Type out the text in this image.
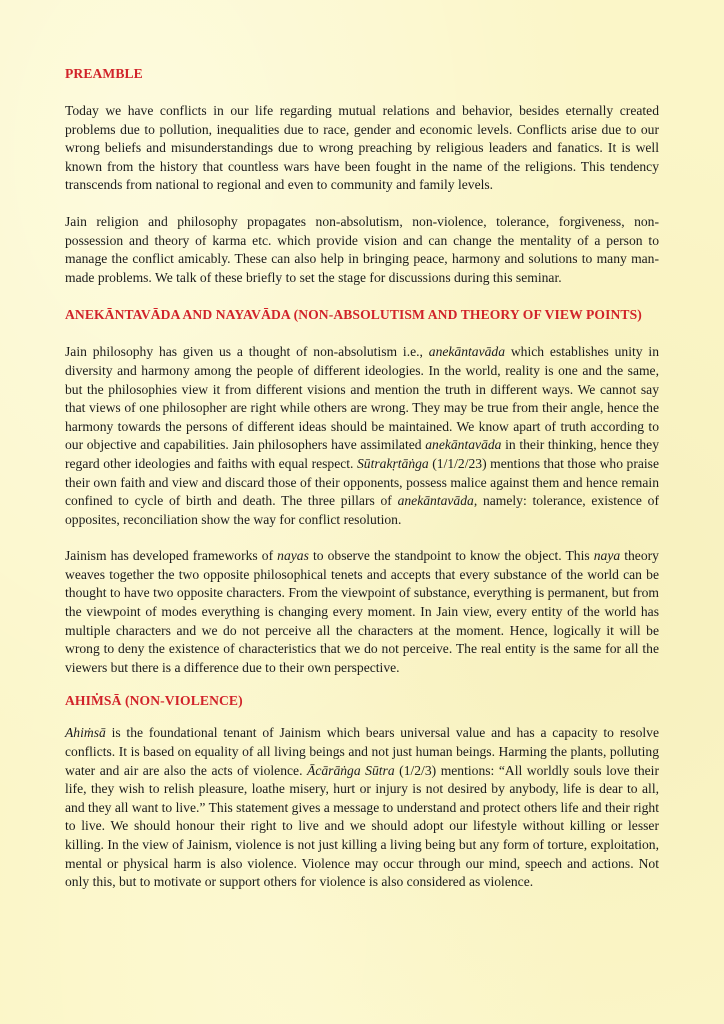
PREAMBLE

Today we have conflicts in our life regarding mutual relations and behavior, besides eternally created problems due to pollution, inequalities due to race, gender and economic levels. Conflicts arise due to our wrong beliefs and misunderstandings due to wrong preaching by religious leaders and fanatics. It is well known from the history that countless wars have been fought in the name of the religions. This tendency transcends from national to regional and even to community and family levels.

Jain religion and philosophy propagates non-absolutism, non-violence, tolerance, forgiveness, non-possession and theory of karma etc. which provide vision and can change the mentality of a person to manage the conflict amicably. These can also help in bringing peace, harmony and solutions to many man-made problems. We talk of these briefly to set the stage for discussions during this seminar.

ANEKĀNTAVĀDA AND NAYAVĀDA (NON-ABSOLUTISM AND THEORY OF VIEW POINTS)

Jain philosophy has given us a thought of non-absolutism i.e., anekāntavāda which establishes unity in diversity and harmony among the people of different ideologies. In the world, reality is one and the same, but the philosophies view it from different visions and mention the truth in different ways. We cannot say that views of one philosopher are right while others are wrong. They may be true from their angle, hence the harmony towards the persons of different ideas should be maintained. We know apart of truth according to our objective and capabilities. Jain philosophers have assimilated anekāntavāda in their thinking, hence they regard other ideologies and faiths with equal respect. Sūtrakṛtāṅga (1/1/2/23) mentions that those who praise their own faith and view and discard those of their opponents, possess malice against them and hence remain confined to cycle of birth and death. The three pillars of anekāntavāda, namely: tolerance, existence of opposites, reconciliation show the way for conflict resolution.

Jainism has developed frameworks of nayas to observe the standpoint to know the object. This naya theory weaves together the two opposite philosophical tenets and accepts that every substance of the world can be thought to have two opposite characters. From the viewpoint of substance, everything is permanent, but from the viewpoint of modes everything is changing every moment. In Jain view, every entity of the world has multiple characters and we do not perceive all the characters at the moment. Hence, logically it will be wrong to deny the existence of characteristics that we do not perceive. The real entity is the same for all the viewers but there is a difference due to their own perspective.

AHIṀSĀ (NON-VIOLENCE)

Ahiṁsā is the foundational tenant of Jainism which bears universal value and has a capacity to resolve conflicts. It is based on equality of all living beings and not just human beings. Harming the plants, polluting water and air are also the acts of violence. Ācārāṅga Sūtra (1/2/3) mentions: “All worldly souls love their life, they wish to relish pleasure, loathe misery, hurt or injury is not desired by anybody, life is dear to all, and they all want to live.” This statement gives a message to understand and protect others life and their right to live. We should honour their right to live and we should adopt our lifestyle without killing or lesser killing. In the view of Jainism, violence is not just killing a living being but any form of torture, exploitation, mental or physical harm is also violence. Violence may occur through our mind, speech and actions. Not only this, but to motivate or support others for violence is also considered as violence.
